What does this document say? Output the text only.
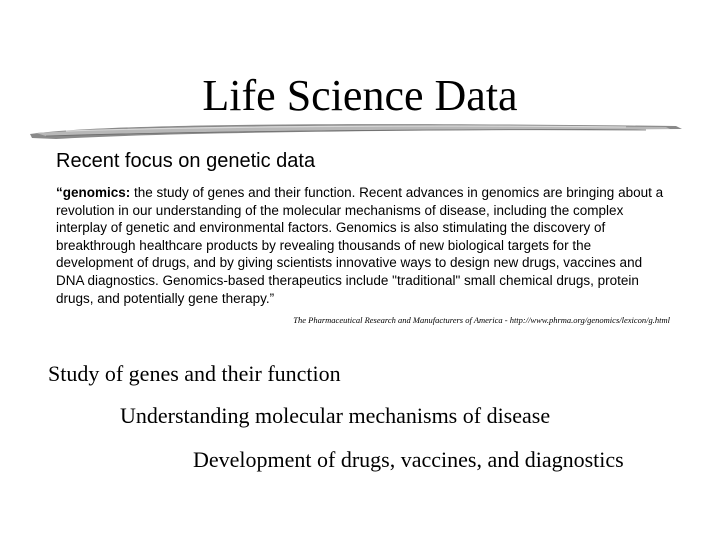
Life Science Data
Recent focus on genetic data
“genomics: the study of genes and their function. Recent advances in genomics are bringing about a revolution in our understanding of the molecular mechanisms of disease, including the complex interplay of genetic and environmental factors. Genomics is also stimulating the discovery of breakthrough healthcare products by revealing thousands of new biological targets for the development of drugs, and by giving scientists innovative ways to design new drugs, vaccines and DNA diagnostics. Genomics-based therapeutics include "traditional" small chemical drugs, protein drugs, and potentially gene therapy.”
The Pharmaceutical Research and Manufacturers of America - http://www.phrma.org/genomics/lexicon/g.html
Study of genes and their function
Understanding molecular mechanisms of disease
Development of drugs, vaccines, and diagnostics
